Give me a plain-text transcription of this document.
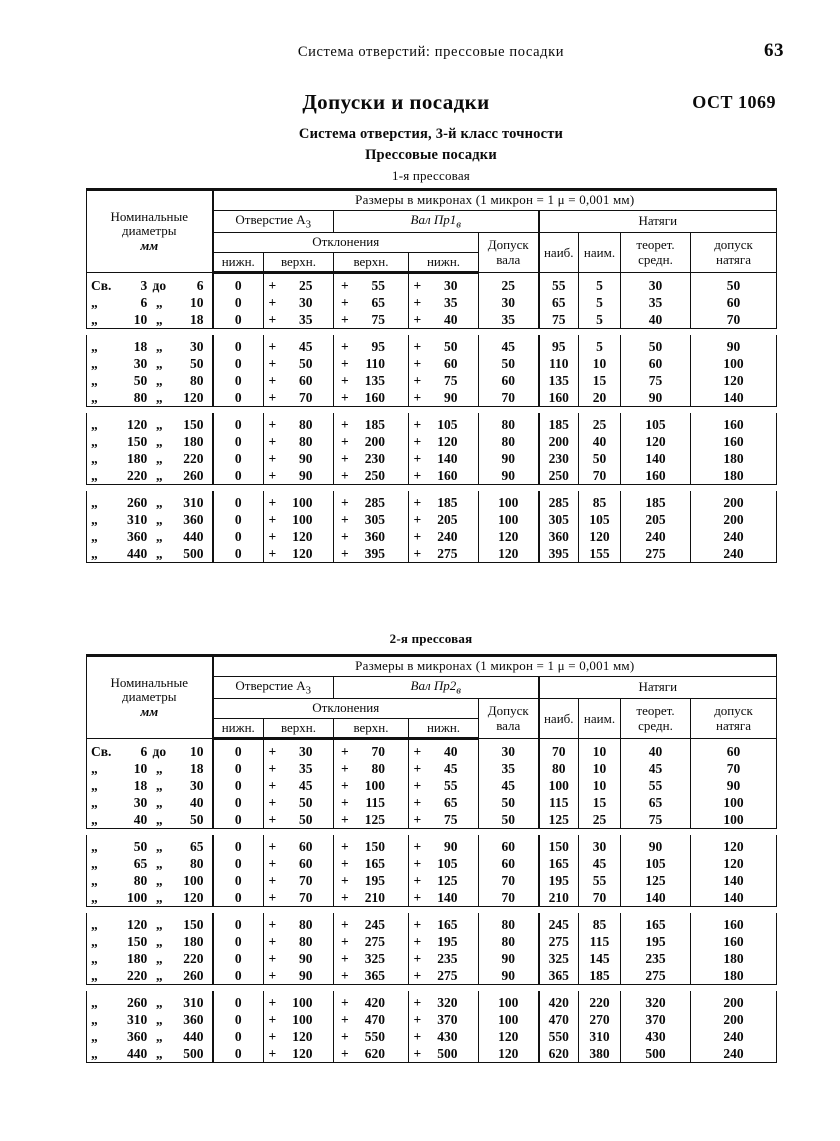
Система отверстий: прессовые посадки	63
Допуски и посадки	ОСТ 1069
Система отверстия, 3-й класс точности
Прессовые посадки
1-я прессовая
Номинальные
диаметры
мм	Размеры в микронах (1 микрон = 1 μ = 0,001 мм)								
	Отверстие $A_3$		Вал $Пр1_в$			Натяги			
Отклонения	Допуск
вала	наиб.	наим.	теорет.
средн.

допуск
натяга

	нижн.	верхн.	верхн.	нижн.					

Св. 3 до 6	0	+ 25	+ 55	+ 30	25	55	5	30	50

„ 6 „ 10	0	+ 30	+ 65	+ 35	30	65	5	35	60

„ 10 „ 18	0	+ 35	+ 75	+ 40	35	75	5	40	70

„ 18 „ 30	0	+ 45	+ 95	+ 50	45	95	5	50	90

„ 30 „ 50	0	+ 50	+ 110	+ 60	50	110	10	60	100

„ 50 „ 80	0	+ 60	+ 135	+ 75	60	135	15	75	120

„ 80 „ 120	0	+ 70	+ 160	+ 90	70	160	20	90	140

„ 120 „ 150	0	+ 80	+ 185	+ 105	80	185	25	105	160

„ 150 „ 180	0	+ 80	+ 200	+ 120	80	200	40	120	160

„ 180 „ 220	0	+ 90	+ 230	+ 140	90	230	50	140	180

„ 220 „ 260	0	+ 90	+ 250	+ 160	90	250	70	160	180

„ 260 „ 310	0	+ 100	+ 285	+ 185	100	285	85	185	200

„ 310 „ 360	0	+ 100	+ 305	+ 205	100	305	105	205	200

„ 360 „ 440	0	+ 120	+ 360	+ 240	120	360	120	240	240

„ 440 „ 500	0	+ 120	+ 395	+ 275	120	395	155	275	240
2-я прессовая
Номинальные
диаметры
мм	Размеры в микронах (1 микрон = 1 μ = 0,001 мм)								
	Отверстие $A_3$		Вал $Пр2_в$			Натяги			
Отклонения	Допуск
вала	наиб.	наим.	теорет.
средн.

допуск
натяга

	нижн.	верхн.	верхн.	нижн.					

Св. 6 до 10	0	+ 30	+ 70	+ 40	30	70	10	40	60

„ 10 „ 18	0	+ 35	+ 80	+ 45	35	80	10	45	70

„ 18 „ 30	0	+ 45	+ 100	+ 55	45	100	10	55	90

„ 30 „ 40	0	+ 50	+ 115	+ 65	50	115	15	65	100

„ 40 „ 50	0	+ 50	+ 125	+ 75	50	125	25	75	100

„ 50 „ 65	0	+ 60	+ 150	+ 90	60	150	30	90	120

„ 65 „ 80	0	+ 60	+ 165	+ 105	60	165	45	105	120

„ 80 „ 100	0	+ 70	+ 195	+ 125	70	195	55	125	140

„ 100 „ 120	0	+ 70	+ 210	+ 140	70	210	70	140	140

„ 120 „ 150	0	+ 80	+ 245	+ 165	80	245	85	165	160

„ 150 „ 180	0	+ 80	+ 275	+ 195	80	275	115	195	160

„ 180 „ 220	0	+ 90	+ 325	+ 235	90	325	145	235	180

„ 220 „ 260	0	+ 90	+ 365	+ 275	90	365	185	275	180

„ 260 „ 310	0	+ 100	+ 420	+ 320	100	420	220	320	200

„ 310 „ 360	0	+ 100	+ 470	+ 370	100	470	270	370	200

„ 360 „ 440	0	+ 120	+ 550	+ 430	120	550	310	430	240

„ 440 „ 500	0	+ 120	+ 620	+ 500	120	620	380	500	240
